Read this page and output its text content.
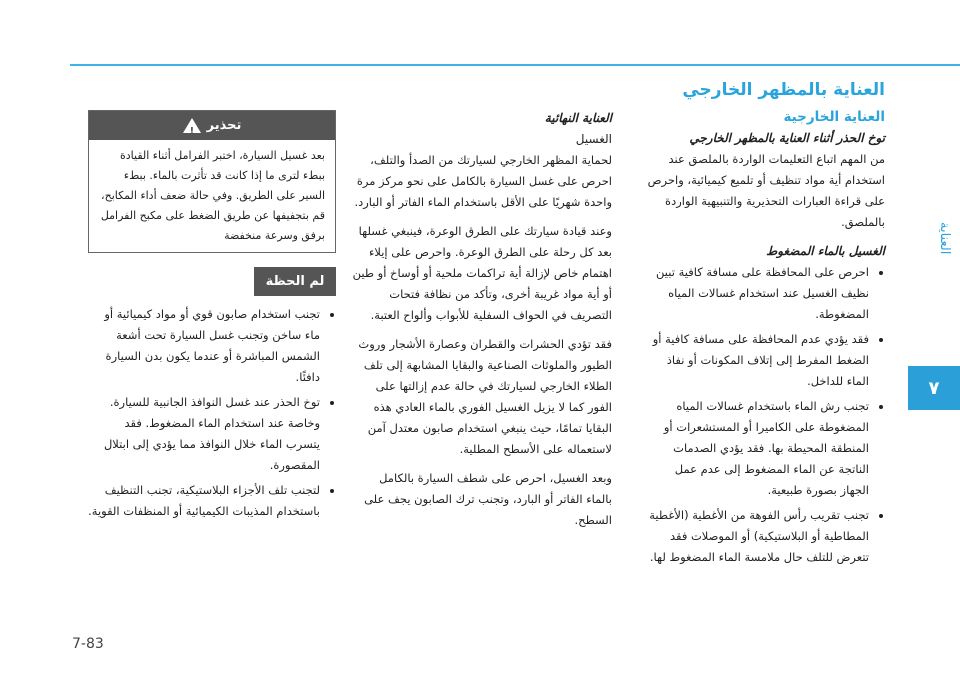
العناية
٧
7-83
العناية بالمظهر الخارجي
العناية الخارجية

توخ الحذر أثناء العناية بالمظهر الخارجي

من المهم اتباع التعليمات الواردة بالملصق عند استخدام أية مواد تنظيف أو تلميع كيميائية، واحرص على قراءة العبارات التحذيرية والتنبيهية الواردة بالملصق.

الغسيل بالماء المضغوط

• احرص على المحافظة على مسافة كافية تبين نظيف الغسيل عند استخدام غسالات المياه المضغوطة.
• فقد يؤدي عدم المحافظة على مسافة كافية أو الضغط المفرط إلى إتلاف المكونات أو نفاذ الماء للداخل.
• تجنب رش الماء باستخدام غسالات المياه المضغوطة على الكاميرا أو المستشعرات أو المنطقة المحيطة بها. فقد يؤدي الصدمات الناتجة عن الماء المضغوط إلى عدم عمل الجهاز بصورة طبيعية.
• تجنب تقريب رأس الفوهة من الأغطية (الأغطية المطاطية أو البلاستيكية) أو الموصلات فقد تتعرض للتلف حال ملامسة الماء المضغوط لها.

العناية النهائية

الغسيل

لحماية المظهر الخارجي لسيارتك من الصدأ والتلف، احرص على غسل السيارة بالكامل على نحو مركز مرة واحدة شهريًا على الأقل باستخدام الماء الفاتر أو البارد.

وعند قيادة سيارتك على الطرق الوعرة، فينبغي غسلها بعد كل رحلة على الطرق الوعرة. واحرص على إيلاء اهتمام خاص لإزالة أية تراكمات ملحية أو أوساخ أو طين أو أية مواد غريبة أخرى، وتأكد من نظافة فتحات التصريف في الحواف السفلية للأبواب وألواح العتبة.

فقد تؤدي الحشرات والقطران وعصارة الأشجار وروث الطيور والملوثات الصناعية والبقايا المشابهة إلى تلف الطلاء الخارجي لسيارتك في حالة عدم إزالتها على الفور كما لا يزيل الغسيل الفوري بالماء العادي هذه البقايا تمامًا، حيث ينبغي استخدام صابون معتدل آمن لاستعماله على الأسطح المطلية.

وبعد الغسيل، احرص على شطف السيارة بالكامل بالماء الفاتر أو البارد، وتجنب ترك الصابون يجف على السطح.

تحذير
!
بعد غسيل السيارة، اختبر الفرامل أثناء القيادة ببطء لترى ما إذا كانت قد تأثرت بالماء. ببطء السير على الطريق. وفي حالة ضعف أداء المكابح، قم بتجفيفها عن طريق الضغط على مكبح الفرامل برفق وسرعة منخفضة
لم الحظة
• تجنب استخدام صابون قوي أو مواد كيميائية أو ماء ساخن وتجنب غسل السيارة تحت أشعة الشمس المباشرة أو عندما يكون بدن السيارة دافئًا.
• توخ الحذر عند غسل النوافذ الجانبية للسيارة. وخاصة عند استخدام الماء المضغوط. فقد يتسرب الماء خلال النوافذ مما يؤدي إلى ابتلال المقصورة.
• لتجنب تلف الأجزاء البلاستيكية، تجنب التنظيف باستخدام المذيبات الكيميائية أو المنظفات القوية.
